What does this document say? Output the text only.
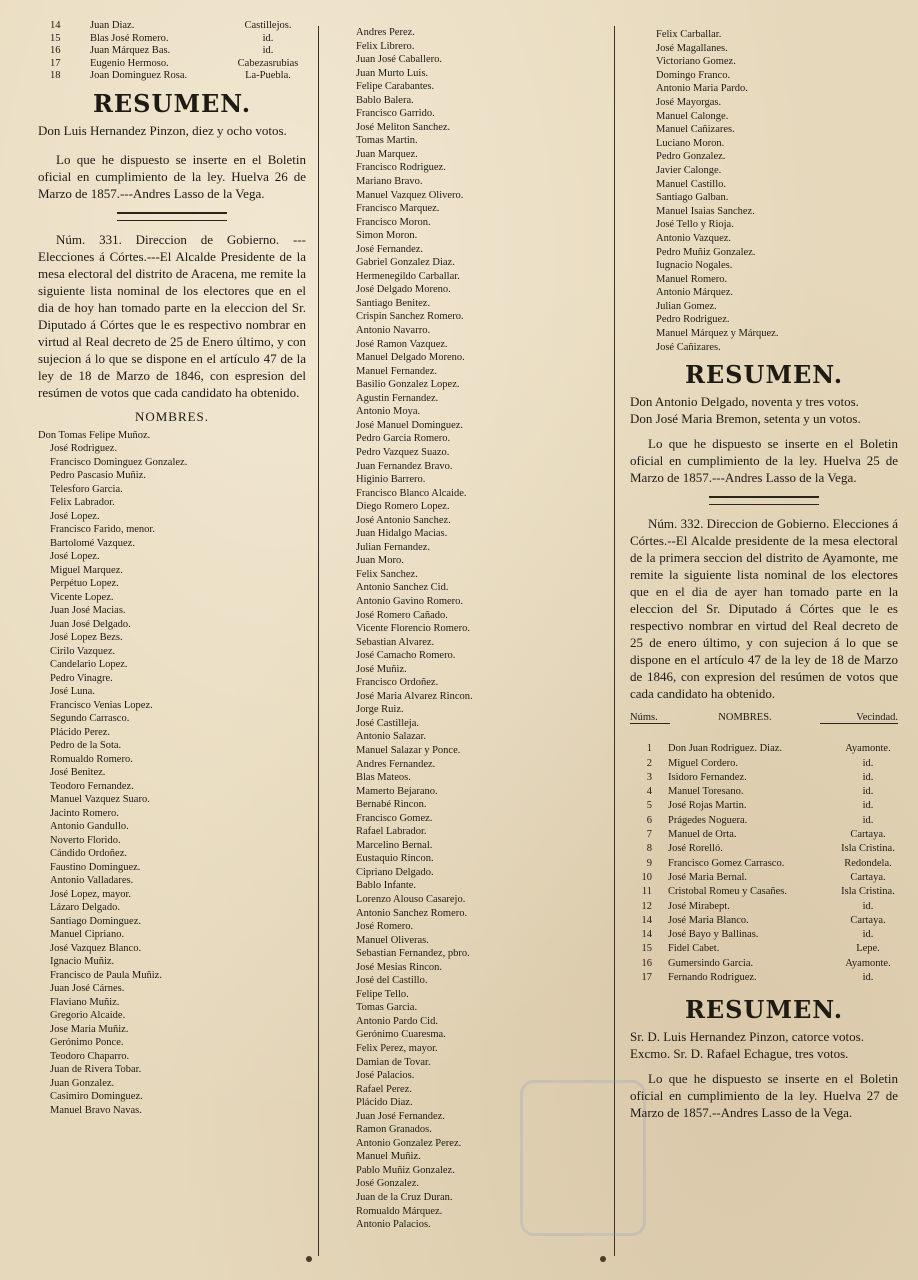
14	Juan Diaz.	Castillejos.
15	Blas José Romero.	id.
16	Juan Márquez Bas.	id.
17	Eugenio Hermoso.	Cabezasrubias
18	Joan Dominguez Rosa.	La-Puebla.
RESUMEN.

Don Luis Hernandez Pinzon, diez y ocho votos.

Lo que he dispuesto se inserte en el Boletin oficial en cumplimiento de la ley. Huelva 26 de Marzo de 1857.---Andres Lasso de la Vega.

Núm. 331. Direccion de Gobierno. ---Elecciones á Córtes.---El Alcalde Presidente de la mesa electoral del distrito de Aracena, me remite la siguiente lista nominal de los electores que en el dia de hoy han tomado parte en la eleccion del Sr. Diputado á Córtes que le es respectivo nombrar en virtud al Real decreto de 25 de Enero último, y con sujecion á lo que se dispone en el artículo 47 de la ley de 18 de Marzo de 1846, con espresion del resúmen de votos que cada candidato ha obtenido.

NOMBRES.
Don Tomas Felipe Muñoz.
José Rodriguez.
Francisco Dominguez Gonzalez.
Pedro Pascasio Muñiz.
Telesforo Garcia.
Felix Labrador.
José Lopez.
Francisco Farido, menor.
Bartolomé Vazquez.
José Lopez.
Miguel Marquez.
Perpétuo Lopez.
Vicente Lopez.
Juan José Macias.
Juan José Delgado.
José Lopez Bezs.
Cirilo Vazquez.
Candelario Lopez.
Pedro Vinagre.
José Luna.
Francisco Venias Lopez.
Segundo Carrasco.
Plácido Perez.
Pedro de la Sota.
Romualdo Romero.
José Benitez.
Teodoro Fernandez.
Manuel Vazquez Suaro.
Jacinto Romero.
Antonio Gandullo.
Noverto Florido.
Cándido Ordoñez.
Faustino Dominguez.
Antonio Valladares.
José Lopez, mayor.
Lázaro Delgado.
Santiago Dominguez.
Manuel Cipriano.
José Vazquez Blanco.
Ignacio Muñiz.
Francisco de Paula Muñiz.
Juan José Cárnes.
Flaviano Muñiz.
Gregorio Alcaide.
Jose Maria Muñiz.
Gerónimo Ponce.
Teodoro Chaparro.
Juan de Rivera Tobar.
Juan Gonzalez.
Casimiro Dominguez.
Manuel Bravo Navas.
Andres Perez.
Felix Librero.
Juan José Caballero.
Juan Murto Luis.
Felipe Carabantes.
Bablo Balera.
Francisco Garrido.
José Meliton Sanchez.
Tomas Martin.
Juan Marquez.
Francisco Rodriguez.
Mariano Bravo.
Manuel Vazquez Olivero.
Francisco Marquez.
Francisco Moron.
Simon Moron.
José Fernandez.
Gabriel Gonzalez Diaz.
Hermenegildo Carballar.
José Delgado Moreno.
Santiago Benitez.
Crispin Sanchez Romero.
Antonio Navarro.
José Ramon Vazquez.
Manuel Delgado Moreno.
Manuel Fernandez.
Basilio Gonzalez Lopez.
Agustin Fernandez.
Antonio Moya.
José Manuel Dominguez.
Pedro Garcia Romero.
Pedro Vazquez Suazo.
Juan Fernandez Bravo.
Higinio Barrero.
Francisco Blanco Alcaide.
Diego Romero Lopez.
José Antonio Sanchez.
Juan Hidalgo Macias.
Julian Fernandez.
Juan Moro.
Felix Sanchez.
Antonio Sanchez Cid.
Antonio Gavino Romero.
José Romero Cañado.
Vicente Florencio Romero.
Sebastian Alvarez.
José Camacho Romero.
José Muñiz.
Francisco Ordoñez.
José Maria Alvarez Rincon.
Jorge Ruiz.
José Castilleja.
Antonio Salazar.
Manuel Salazar y Ponce.
Andres Fernandez.
Blas Mateos.
Mamerto Bejarano.
Bernabé Rincon.
Francisco Gomez.
Rafael Labrador.
Marcelino Bernal.
Eustaquio Rincon.
Cipriano Delgado.
Bablo Infante.
Lorenzo Alouso Casarejo.
Antonio Sanchez Romero.
José Romero.
Manuel Oliveras.
Sebastian Fernandez, pbro.
José Mesias Rincon.
José del Castillo.
Felipe Tello.
Tomas Garcia.
Antonio Pardo Cid.
Gerónimo Cuaresma.
Felix Perez, mayor.
Damian de Tovar.
José Palacios.
Rafael Perez.
Plácido Diaz.
Juan José Fernandez.
Ramon Granados.
Antonio Gonzalez Perez.
Manuel Muñiz.
Pablo Muñiz Gonzalez.
José Gonzalez.
Juan de la Cruz Duran.
Romualdo Márquez.
Antonio Palacios.
Felix Carballar.
José Magallanes.
Victoriano Gomez.
Domingo Franco.
Antonio Maria Pardo.
José Mayorgas.
Manuel Calonge.
Manuel Cañizares.
Luciano Moron.
Pedro Gonzalez.
Javier Calonge.
Manuel Castillo.
Santiago Galban.
Manuel Isaias Sanchez.
José Tello y Rioja.
Antonio Vazquez.
Pedro Muñiz Gonzalez.
Iugnacio Nogales.
Manuel Romero.
Antonio Márquez.
Julian Gomez.
Pedro Rodriguez.
Manuel Márquez y Márquez.
José Cañizares.
RESUMEN.

Don Antonio Delgado, noventa y tres votos.

Don José Maria Bremon, setenta y un votos.

Lo que he dispuesto se inserte en el Boletin oficial en cumplimiento de la ley. Huelva 25 de Marzo de 1857.---Andres Lasso de la Vega.

Núm. 332. Direccion de Gobierno. Elecciones á Córtes.--El Alcalde presidente de la mesa electoral de la primera seccion del distrito de Ayamonte, me remite la siguiente lista nominal de los electores que en el dia de ayer han tomado parte en la eleccion del Sr. Diputado á Córtes que le es respectivo nombrar en virtud del Real decreto de 25 de enero último, y con sujecion á lo que se dispone en el artículo 47 de la ley de 18 de Marzo de 1846, con expresion del resúmen de votos que cada candidato ha obtenido.

Núms.	NOMBRES.	Vecindad.
1	Don Juan Rodriguez. Diaz.	Ayamonte.
2	Miguel Cordero.	id.
3	Isidoro Fernandez.	id.
4	Manuel Toresano.	id.
5	José Rojas Martin.	id.
6	Prágedes Noguera.	id.
7	Manuel de Orta.	Cartaya.
8	José Rorelló.	Isla Cristina.
9	Francisco Gomez Carrasco.	Redondela.
10	José Maria Bernal.	Cartaya.
11	Cristobal Romeu y Casañes.	Isla Cristina.
12	José Mirabept.	id.
14	José Maria Blanco.	Cartaya.
14	José Bayo y Ballinas.	id.
15	Fidel Cabet.	Lepe.
16	Gumersindo Garcia.	Ayamonte.
17	Fernando Rodriguez.	id.
RESUMEN.

Sr. D. Luis Hernandez Pinzon, catorce votos.

Excmo. Sr. D. Rafael Echague, tres votos.

Lo que he dispuesto se inserte en el Boletin oficial en cumplimiento de la ley. Huelva 27 de Marzo de 1857.--Andres Lasso de la Vega.
